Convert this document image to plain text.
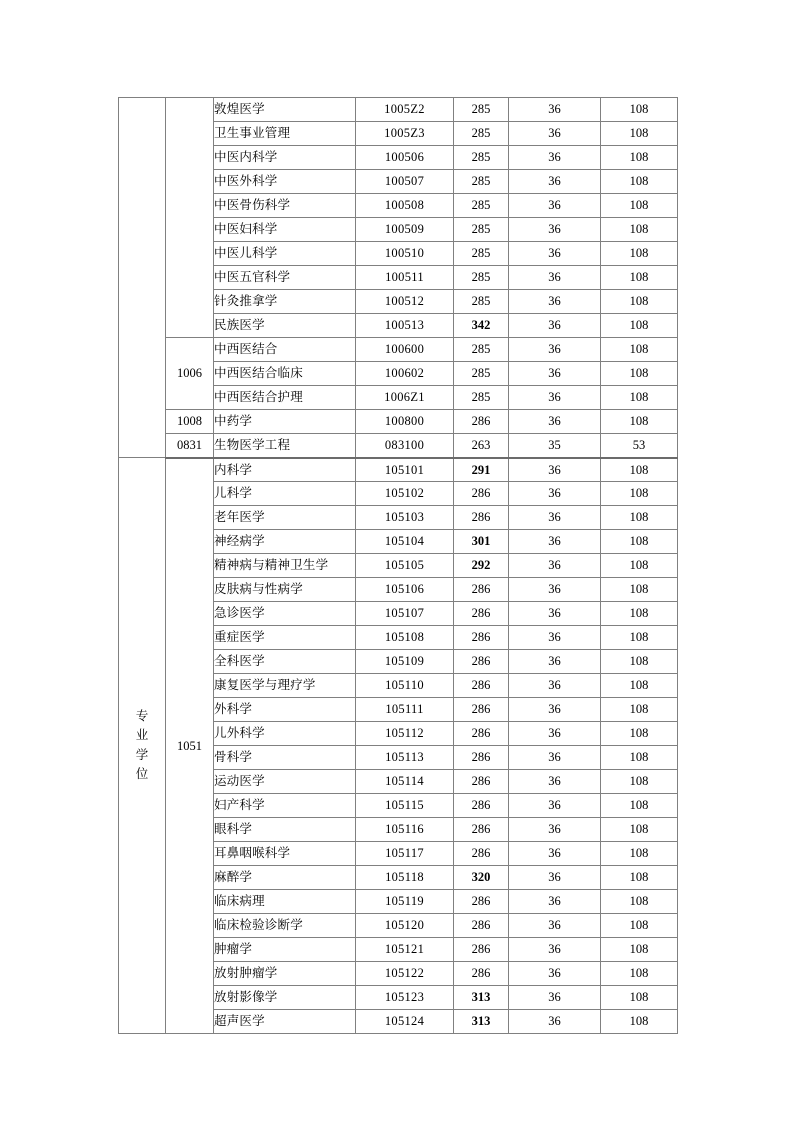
		敦煌医学	1005Z2	285	36	108
		卫生事业管理	1005Z3	285	36	108
		中医内科学	100506	285	36	108
		中医外科学	100507	285	36	108
		中医骨伤科学	100508	285	36	108
		中医妇科学	100509	285	36	108
		中医儿科学	100510	285	36	108
		中医五官科学	100511	285	36	108
		针灸推拿学	100512	285	36	108
		民族医学	100513	342	36	108
	1006	中西医结合	100600	285	36	108
		中西医结合临床	100602	285	36	108
		中西医结合护理	1006Z1	285	36	108
	1008	中药学	100800	286	36	108
	0831	生物医学工程	083100	263	35	53

专
业
学
位	1051	内科学	105101	291	36	108
		儿科学	105102	286	36	108
		老年医学	105103	286	36	108
		神经病学	105104	301	36	108
		精神病与精神卫生学	105105	292	36	108
		皮肤病与性病学	105106	286	36	108
		急诊医学	105107	286	36	108
		重症医学	105108	286	36	108
		全科医学	105109	286	36	108
		康复医学与理疗学	105110	286	36	108
		外科学	105111	286	36	108
		儿外科学	105112	286	36	108
		骨科学	105113	286	36	108
		运动医学	105114	286	36	108
		妇产科学	105115	286	36	108
		眼科学	105116	286	36	108
		耳鼻咽喉科学	105117	286	36	108
		麻醉学	105118	320	36	108
		临床病理	105119	286	36	108
		临床检验诊断学	105120	286	36	108
		肿瘤学	105121	286	36	108
		放射肿瘤学	105122	286	36	108
		放射影像学	105123	313	36	108
		超声医学	105124	313	36	108
